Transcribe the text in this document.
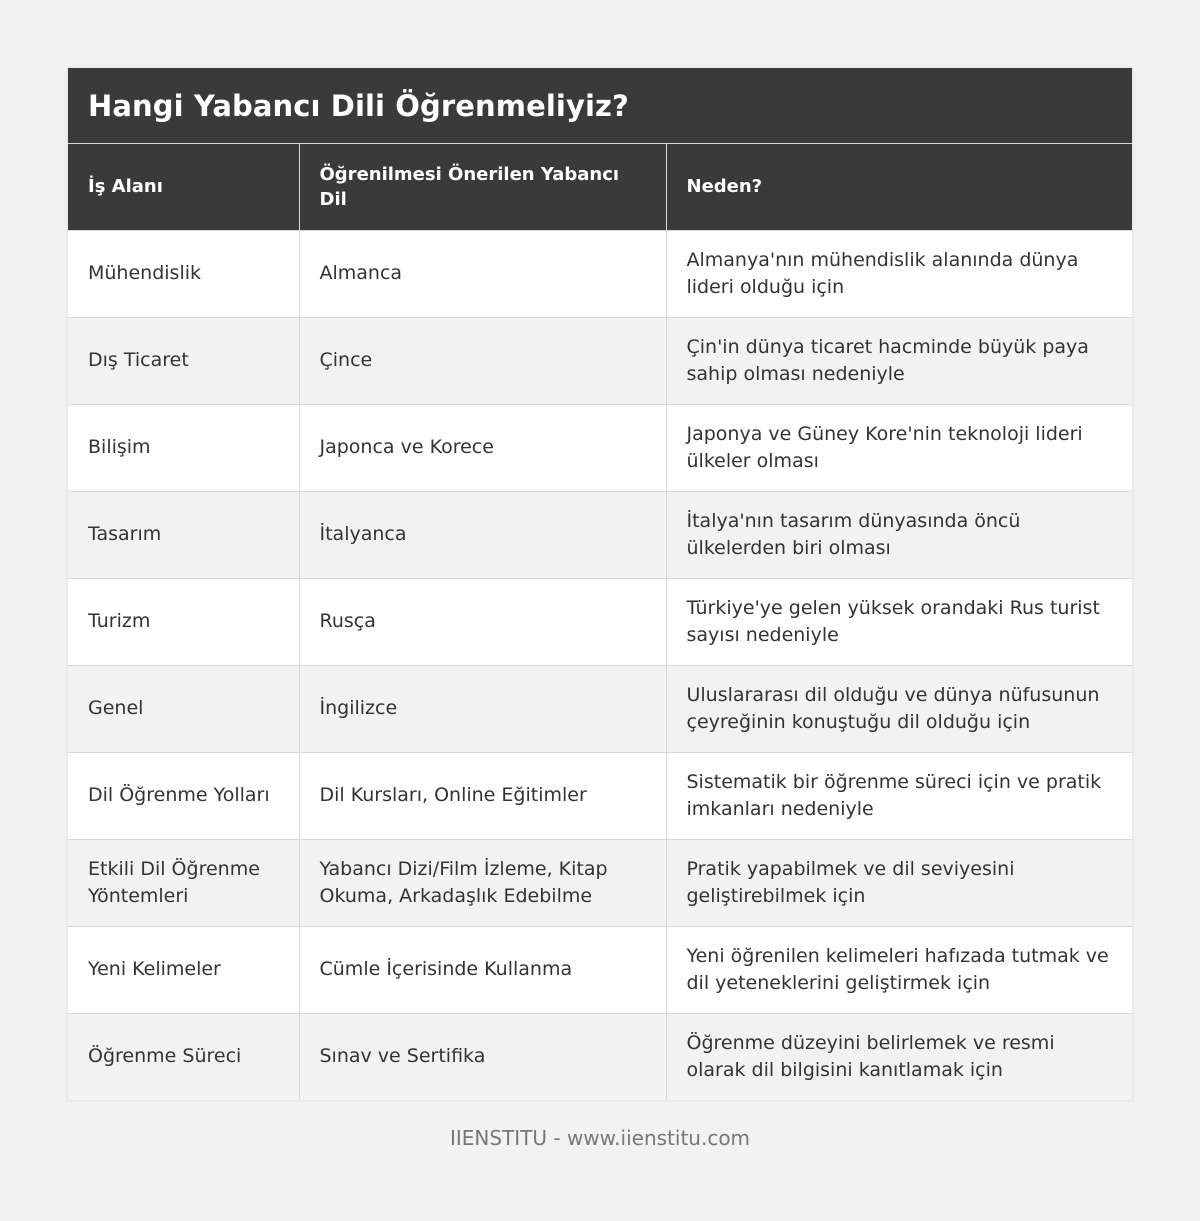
Hangi Yabancı Dili Öğrenmeliyiz?
İş Alanı	Öğrenilmesi Önerilen Yabancı Dil	Neden?
Mühendislik	Almanca	Almanya'nın mühendislik alanında dünya lideri olduğu için
Dış Ticaret	Çince	Çin'in dünya ticaret hacminde büyük paya sahip olması nedeniyle
Bilişim	Japonca ve Korece	Japonya ve Güney Kore'nin teknoloji lideri ülkeler olması
Tasarım	İtalyanca	İtalya'nın tasarım dünyasında öncü ülkelerden biri olması
Turizm	Rusça	Türkiye'ye gelen yüksek orandaki Rus turist sayısı nedeniyle
Genel	İngilizce	Uluslararası dil olduğu ve dünya nüfusunun çeyreğinin konuştuğu dil olduğu için
Dil Öğrenme Yolları	Dil Kursları, Online Eğitimler	Sistematik bir öğrenme süreci için ve pratik imkanları nedeniyle
Etkili Dil Öğrenme Yöntemleri	Yabancı Dizi/Film İzleme, Kitap Okuma, Arkadaşlık Edebilme	Pratik yapabilmek ve dil seviyesini geliştirebilmek için
Yeni Kelimeler	Cümle İçerisinde Kullanma	Yeni öğrenilen kelimeleri hafızada tutmak ve dil yeteneklerini geliştirmek için
Öğrenme Süreci	Sınav ve Sertifika	Öğrenme düzeyini belirlemek ve resmi olarak dil bilgisini kanıtlamak için
IIENSTITU - www.iienstitu.com
